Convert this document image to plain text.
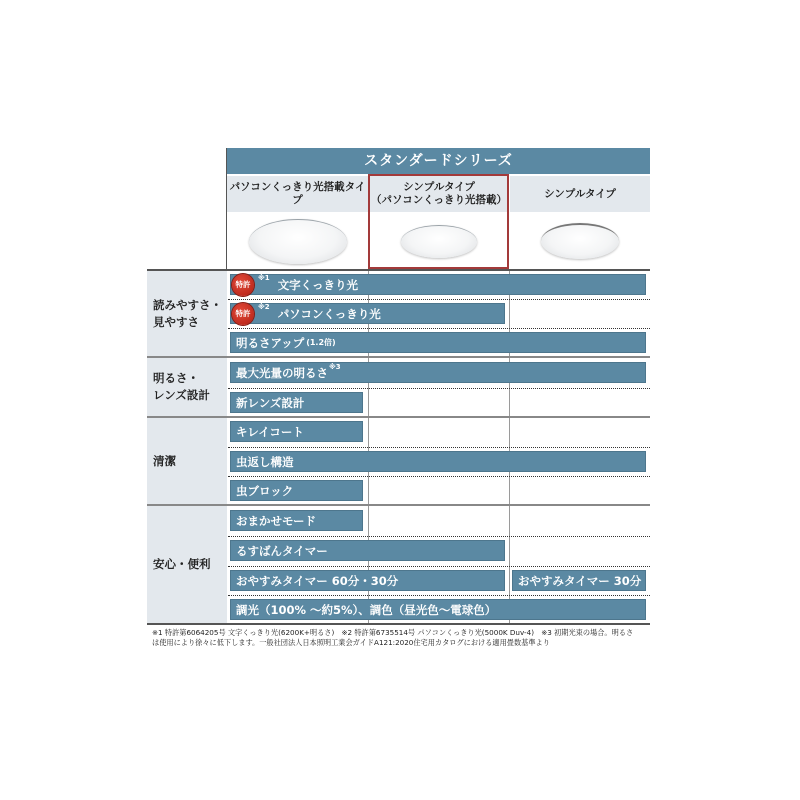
スタンダードシリーズ
パソコンくっきり光搭載タイプ
シンプルタイプ
（パソコンくっきり光搭載）
シンプルタイプ
読みやすさ・
見やすさ
明るさ・
レンズ設計
清潔
安心・便利
特許
※1 文字くっきり光
特許
※2 パソコンくっきり光
明るさアップ (1.2倍)
最大光量の明るさ$^{※3}$
新レンズ設計
キレイコート
虫返し構造
虫ブロック
おまかせモード
るすばんタイマー
おやすみタイマー 60分・30分	おやすみタイマー 30分
調光（100% ～約5%）、調色（昼光色～電球色）
※1 特許第6064205号 文字くっきり光(6200K+明るさ)　※2 特許第6735514号 パソコンくっきり光(5000K Duv-4)　※3 初期光束の場合。明るさ
は使用により徐々に低下します。一般社団法人日本照明工業会ガイドA121:2020住宅用カタログにおける適用畳数基準より
